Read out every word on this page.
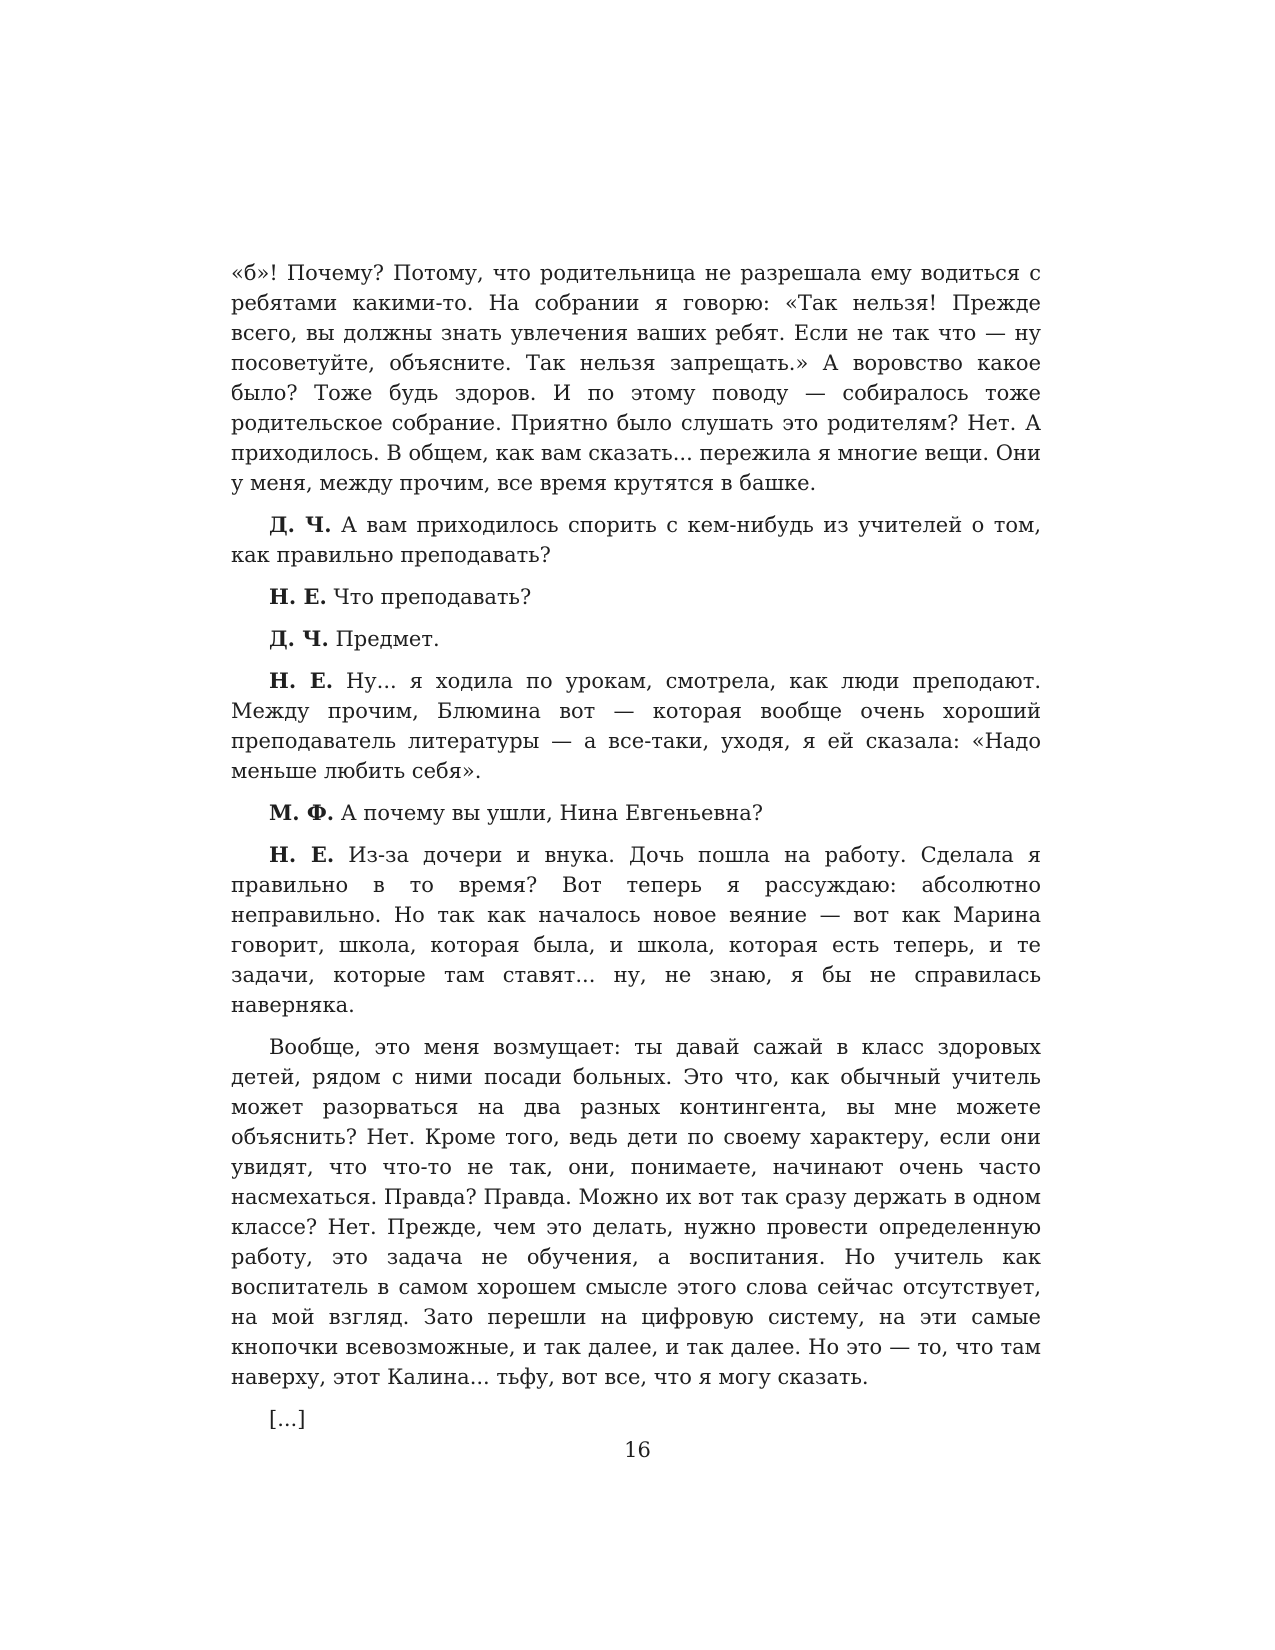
«б»! Почему? Потому, что родительница не разрешала ему водиться с ребятами какими-то. На собрании я говорю: «Так нельзя! Прежде всего, вы должны знать увлечения ваших ребят. Если не так что — ну посоветуйте, объясните. Так нельзя запрещать.» А воровство какое было? Тоже будь здоров. И по этому поводу — собиралось тоже родительское собрание. Приятно было слушать это родителям? Нет. А приходилось. В общем, как вам сказать... пережила я многие вещи. Они у меня, между прочим, все время крутятся в башке.

Д. Ч. А вам приходилось спорить с кем-нибудь из учителей о том, как правильно преподавать?

Н. Е. Что преподавать?

Д. Ч. Предмет.

Н. Е. Ну... я ходила по урокам, смотрела, как люди преподают. Между прочим, Блюмина вот — которая вообще очень хороший преподаватель литературы — а все-таки, уходя, я ей сказала: «Надо меньше любить себя».

М. Ф. А почему вы ушли, Нина Евгеньевна?

Н. Е. Из-за дочери и внука. Дочь пошла на работу. Сделала я правильно в то время? Вот теперь я рассуждаю: абсолютно неправильно. Но так как началось новое веяние — вот как Марина говорит, школа, которая была, и школа, которая есть теперь, и те задачи, которые там ставят... ну, не знаю, я бы не справилась наверняка.

Вообще, это меня возмущает: ты давай сажай в класс здоровых детей, рядом с ними посади больных. Это что, как обычный учитель может разорваться на два разных контингента, вы мне можете объяснить? Нет. Кроме того, ведь дети по своему характеру, если они увидят, что что-то не так, они, понимаете, начинают очень часто насмехаться. Правда? Правда. Можно их вот так сразу держать в одном классе? Нет. Прежде, чем это делать, нужно провести определенную работу, это задача не обучения, а воспитания. Но учитель как воспитатель в самом хорошем смысле этого слова сейчас отсутствует, на мой взгляд. Зато перешли на цифровую систему, на эти самые кнопочки всевозможные, и так далее, и так далее. Но это — то, что там наверху, этот Калина... тьфу, вот все, что я могу сказать.

[...]

16
